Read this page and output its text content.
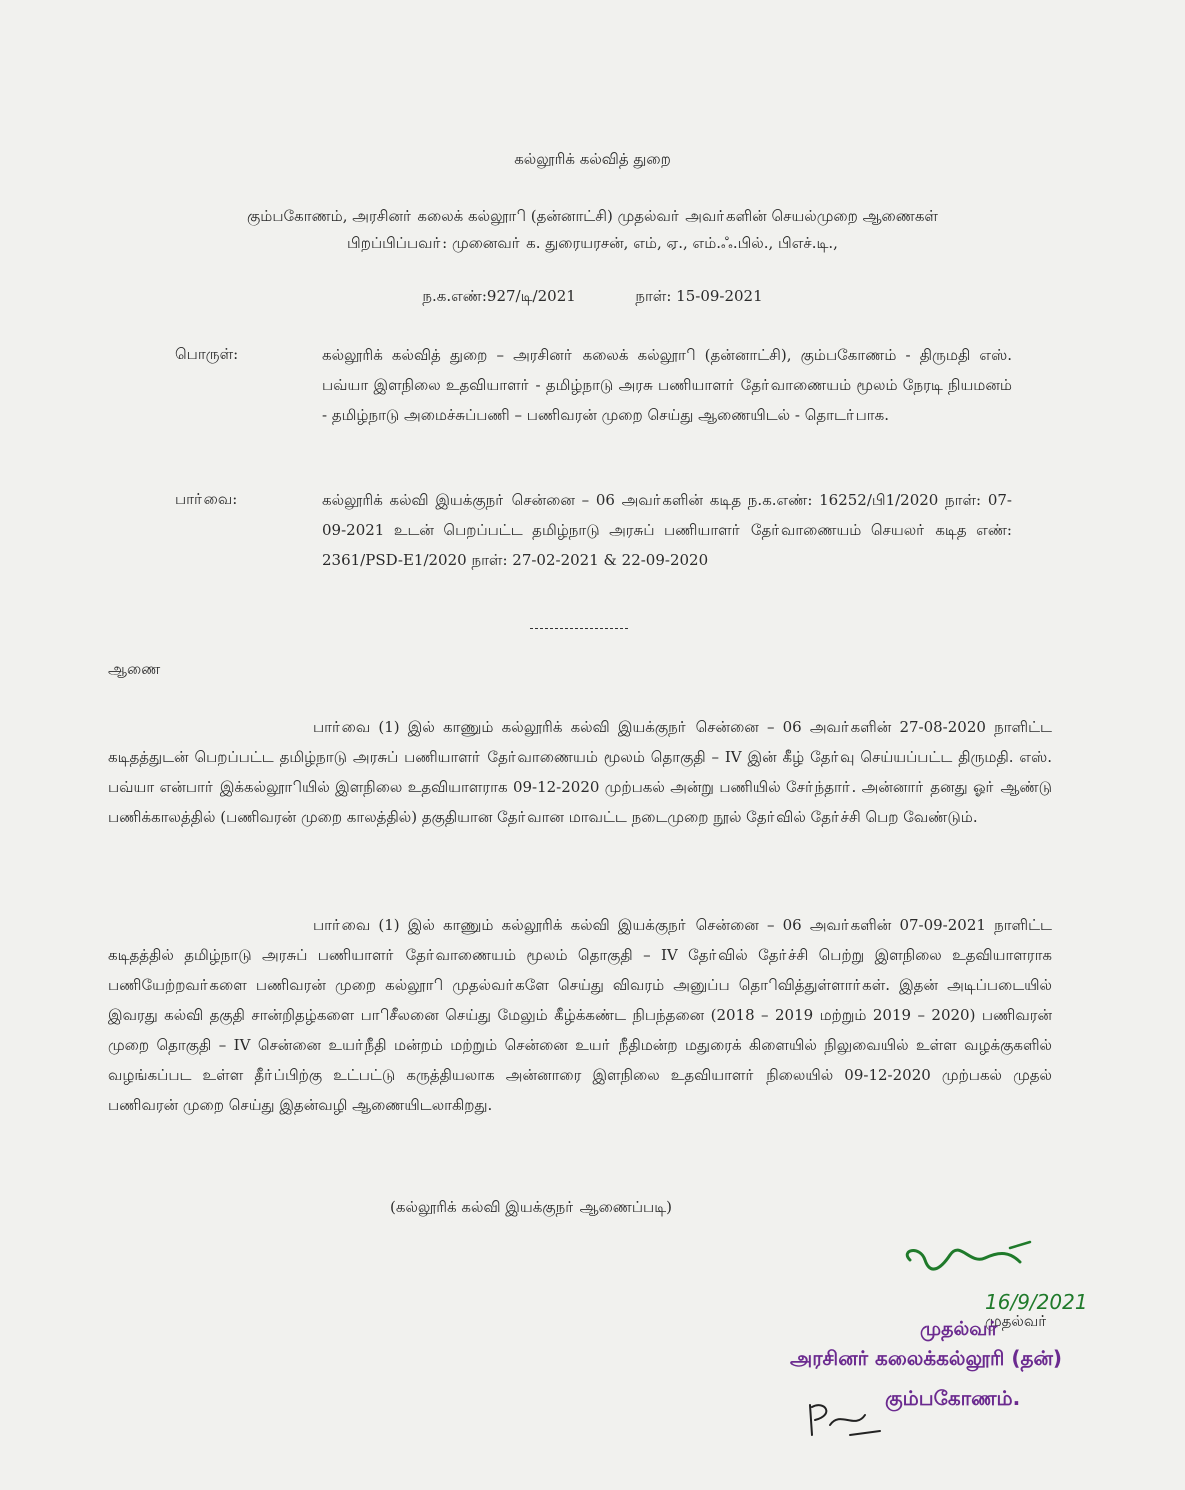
கல்லூரிக் கல்வித் துறை
கும்பகோணம், அரசினா் கலைக் கல்லூாி (தன்னாட்சி) முதல்வா் அவா்களின் செயல்முறை ஆணைகள்
பிறப்பிப்பவா்: முனைவா் க. துரையரசன், எம், ஏ., எம்.ஃ.பில்., பிஎச்.டி.,
ந.க.எண்:927/டி/2021	நாள்: 15-09-2021
பொருள்:	கல்லூரிக் கல்வித் துறை – அரசினா் கலைக் கல்லூாி (தன்னாட்சி), கும்பகோணம் - திருமதி எஸ். பவ்யா இளநிலை உதவியாளா் - தமிழ்நாடு அரசு பணியாளா் தோ்வாணையம் மூலம் நேரடி நியமனம் - தமிழ்நாடு அமைச்சுப்பணி – பணிவரன் முறை செய்து ஆணையிடல் - தொடா்பாக.
பாா்வை:	கல்லூரிக் கல்வி இயக்குநா் சென்னை – 06 அவா்களின் கடித ந.க.எண்: 16252/பி1/2020 நாள்: 07-09-2021 உடன் பெறப்பட்ட தமிழ்நாடு அரசுப் பணியாளா் தோ்வாணையம் செயலா் கடித எண்: 2361/PSD-E1/2020 நாள்: 27-02-2021 & 22-09-2020
ஆணை
பாா்வை (1) இல் காணும் கல்லூரிக் கல்வி இயக்குநா் சென்னை – 06 அவா்களின் 27-08-2020 நாளிட்ட கடிதத்துடன் பெறப்பட்ட தமிழ்நாடு அரசுப் பணியாளா் தோ்வாணையம் மூலம் தொகுதி – IV இன் கீழ் தோ்வு செய்யப்பட்ட திருமதி. எஸ். பவ்யா என்பாா் இக்கல்லூாியில் இளநிலை உதவியாளராக 09-12-2020 முற்பகல் அன்று பணியில் சோ்ந்தாா். அன்னாா் தனது ஓா் ஆண்டு பணிக்காலத்தில் (பணிவரன் முறை காலத்தில்) தகுதியான தோ்வான மாவட்ட நடைமுறை நூல் தோ்வில் தோ்ச்சி பெற வேண்டும்.
பாா்வை (1) இல் காணும் கல்லூரிக் கல்வி இயக்குநா் சென்னை – 06 அவா்களின் 07-09-2021 நாளிட்ட கடிதத்தில் தமிழ்நாடு அரசுப் பணியாளா் தோ்வாணையம் மூலம் தொகுதி – IV தோ்வில் தோ்ச்சி பெற்று இளநிலை உதவியாளராக பணியேற்றவா்களை பணிவரன் முறை கல்லூாி முதல்வா்களே செய்து விவரம் அனுப்ப தொிவித்துள்ளாா்கள். இதன் அடிப்படையில் இவரது கல்வி தகுதி சான்றிதழ்களை பாிசீலனை செய்து மேலும் கீழ்க்கண்ட நிபந்தனை (2018 – 2019 மற்றும் 2019 – 2020) பணிவரன் முறை தொகுதி – IV சென்னை உயா்நீதி மன்றம் மற்றும் சென்னை உயா் நீதிமன்ற மதுரைக் கிளையில் நிலுவையில் உள்ள வழக்குகளில் வழங்கப்பட உள்ள தீா்ப்பிற்கு உட்பட்டு கருத்தியலாக அன்னாரை இளநிலை உதவியாளா் நிலையில் 09-12-2020 முற்பகல் முதல் பணிவரன் முறை செய்து இதன்வழி ஆணையிடலாகிறது.
(கல்லூரிக் கல்வி இயக்குநா் ஆணைப்படி)
16/9/2021
முதல்வா்
முதல்வர்
அரசினர் கலைக்கல்லூரி (தன்)
கும்பகோணம்.
